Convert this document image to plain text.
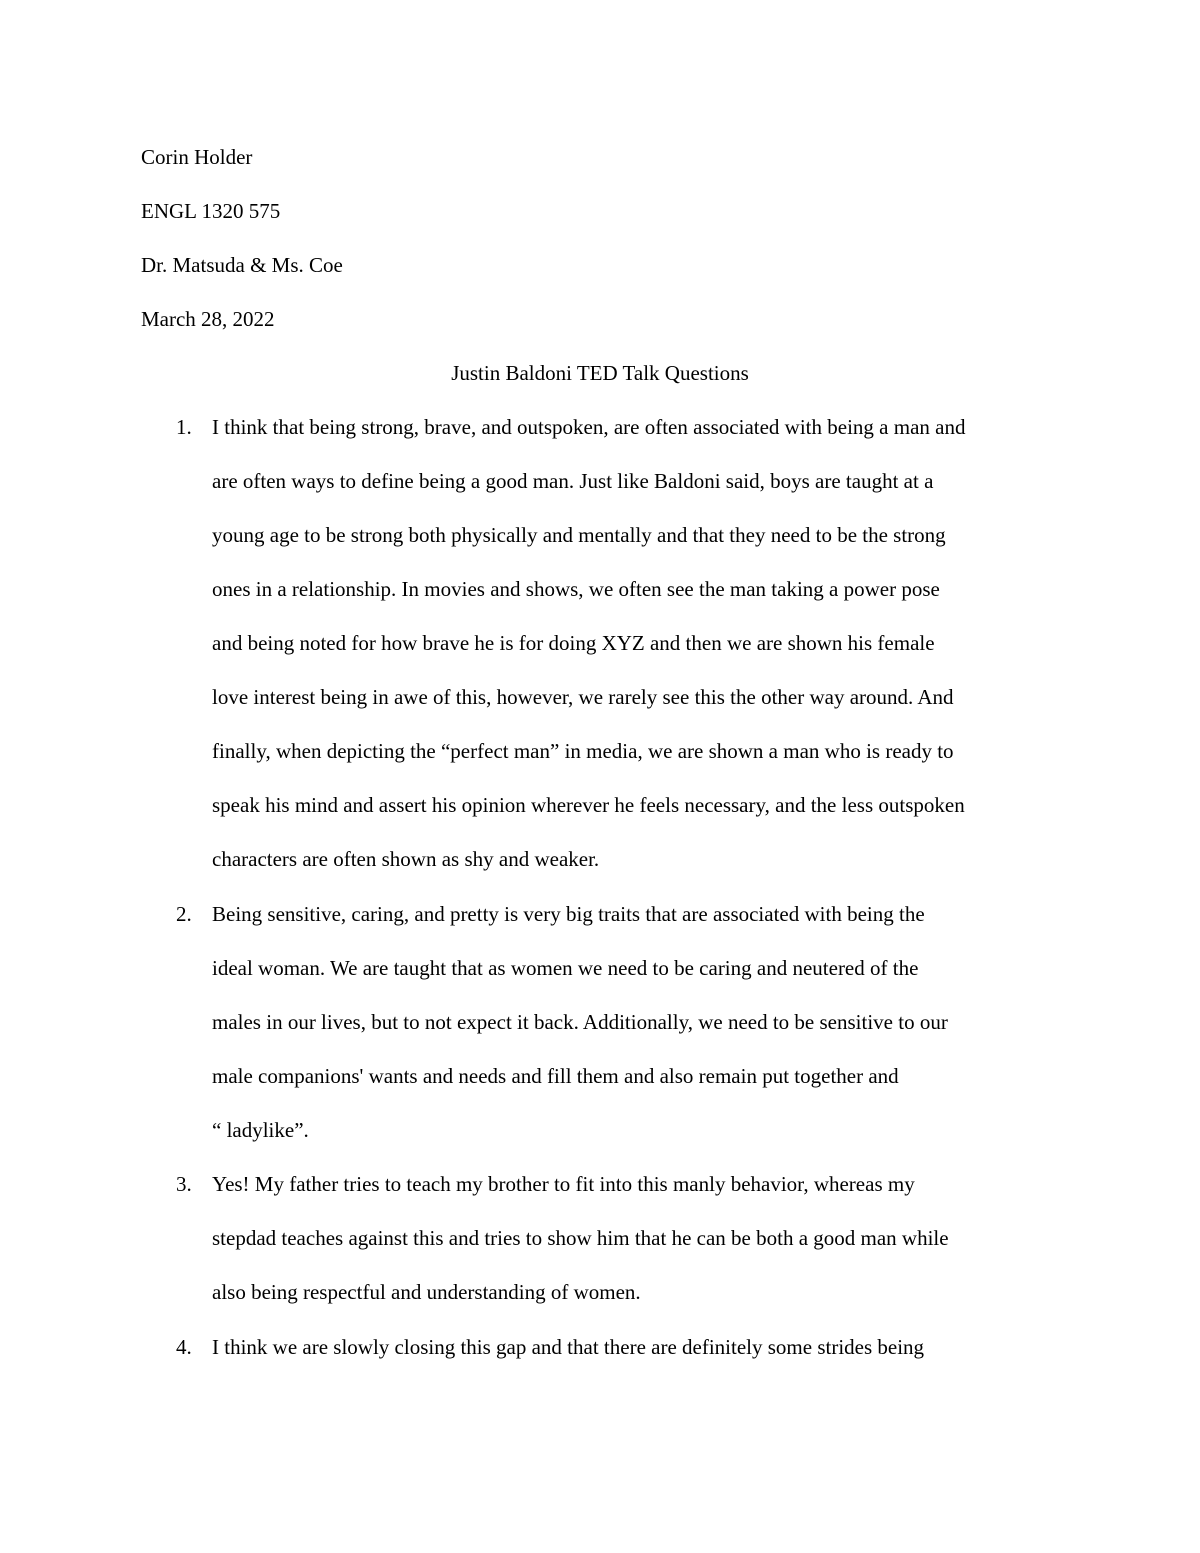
Corin Holder
ENGL 1320 575
Dr. Matsuda & Ms. Coe
March 28, 2022
Justin Baldoni TED Talk Questions
1. I think that being strong, brave, and outspoken, are often associated with being a man and
are often ways to define being a good man. Just like Baldoni said, boys are taught at a
young age to be strong both physically and mentally and that they need to be the strong
ones in a relationship. In movies and shows, we often see the man taking a power pose
and being noted for how brave he is for doing XYZ and then we are shown his female
love interest being in awe of this, however, we rarely see this the other way around. And
finally, when depicting the “perfect man” in media, we are shown a man who is ready to
speak his mind and assert his opinion wherever he feels necessary, and the less outspoken
characters are often shown as shy and weaker.
2. Being sensitive, caring, and pretty is very big traits that are associated with being the
ideal woman. We are taught that as women we need to be caring and neutered of the
males in our lives, but to not expect it back. Additionally, we need to be sensitive to our
male companions' wants and needs and fill them and also remain put together and
“ ladylike”.
3. Yes! My father tries to teach my brother to fit into this manly behavior, whereas my
stepdad teaches against this and tries to show him that he can be both a good man while
also being respectful and understanding of women.
4. I think we are slowly closing this gap and that there are definitely some strides being
